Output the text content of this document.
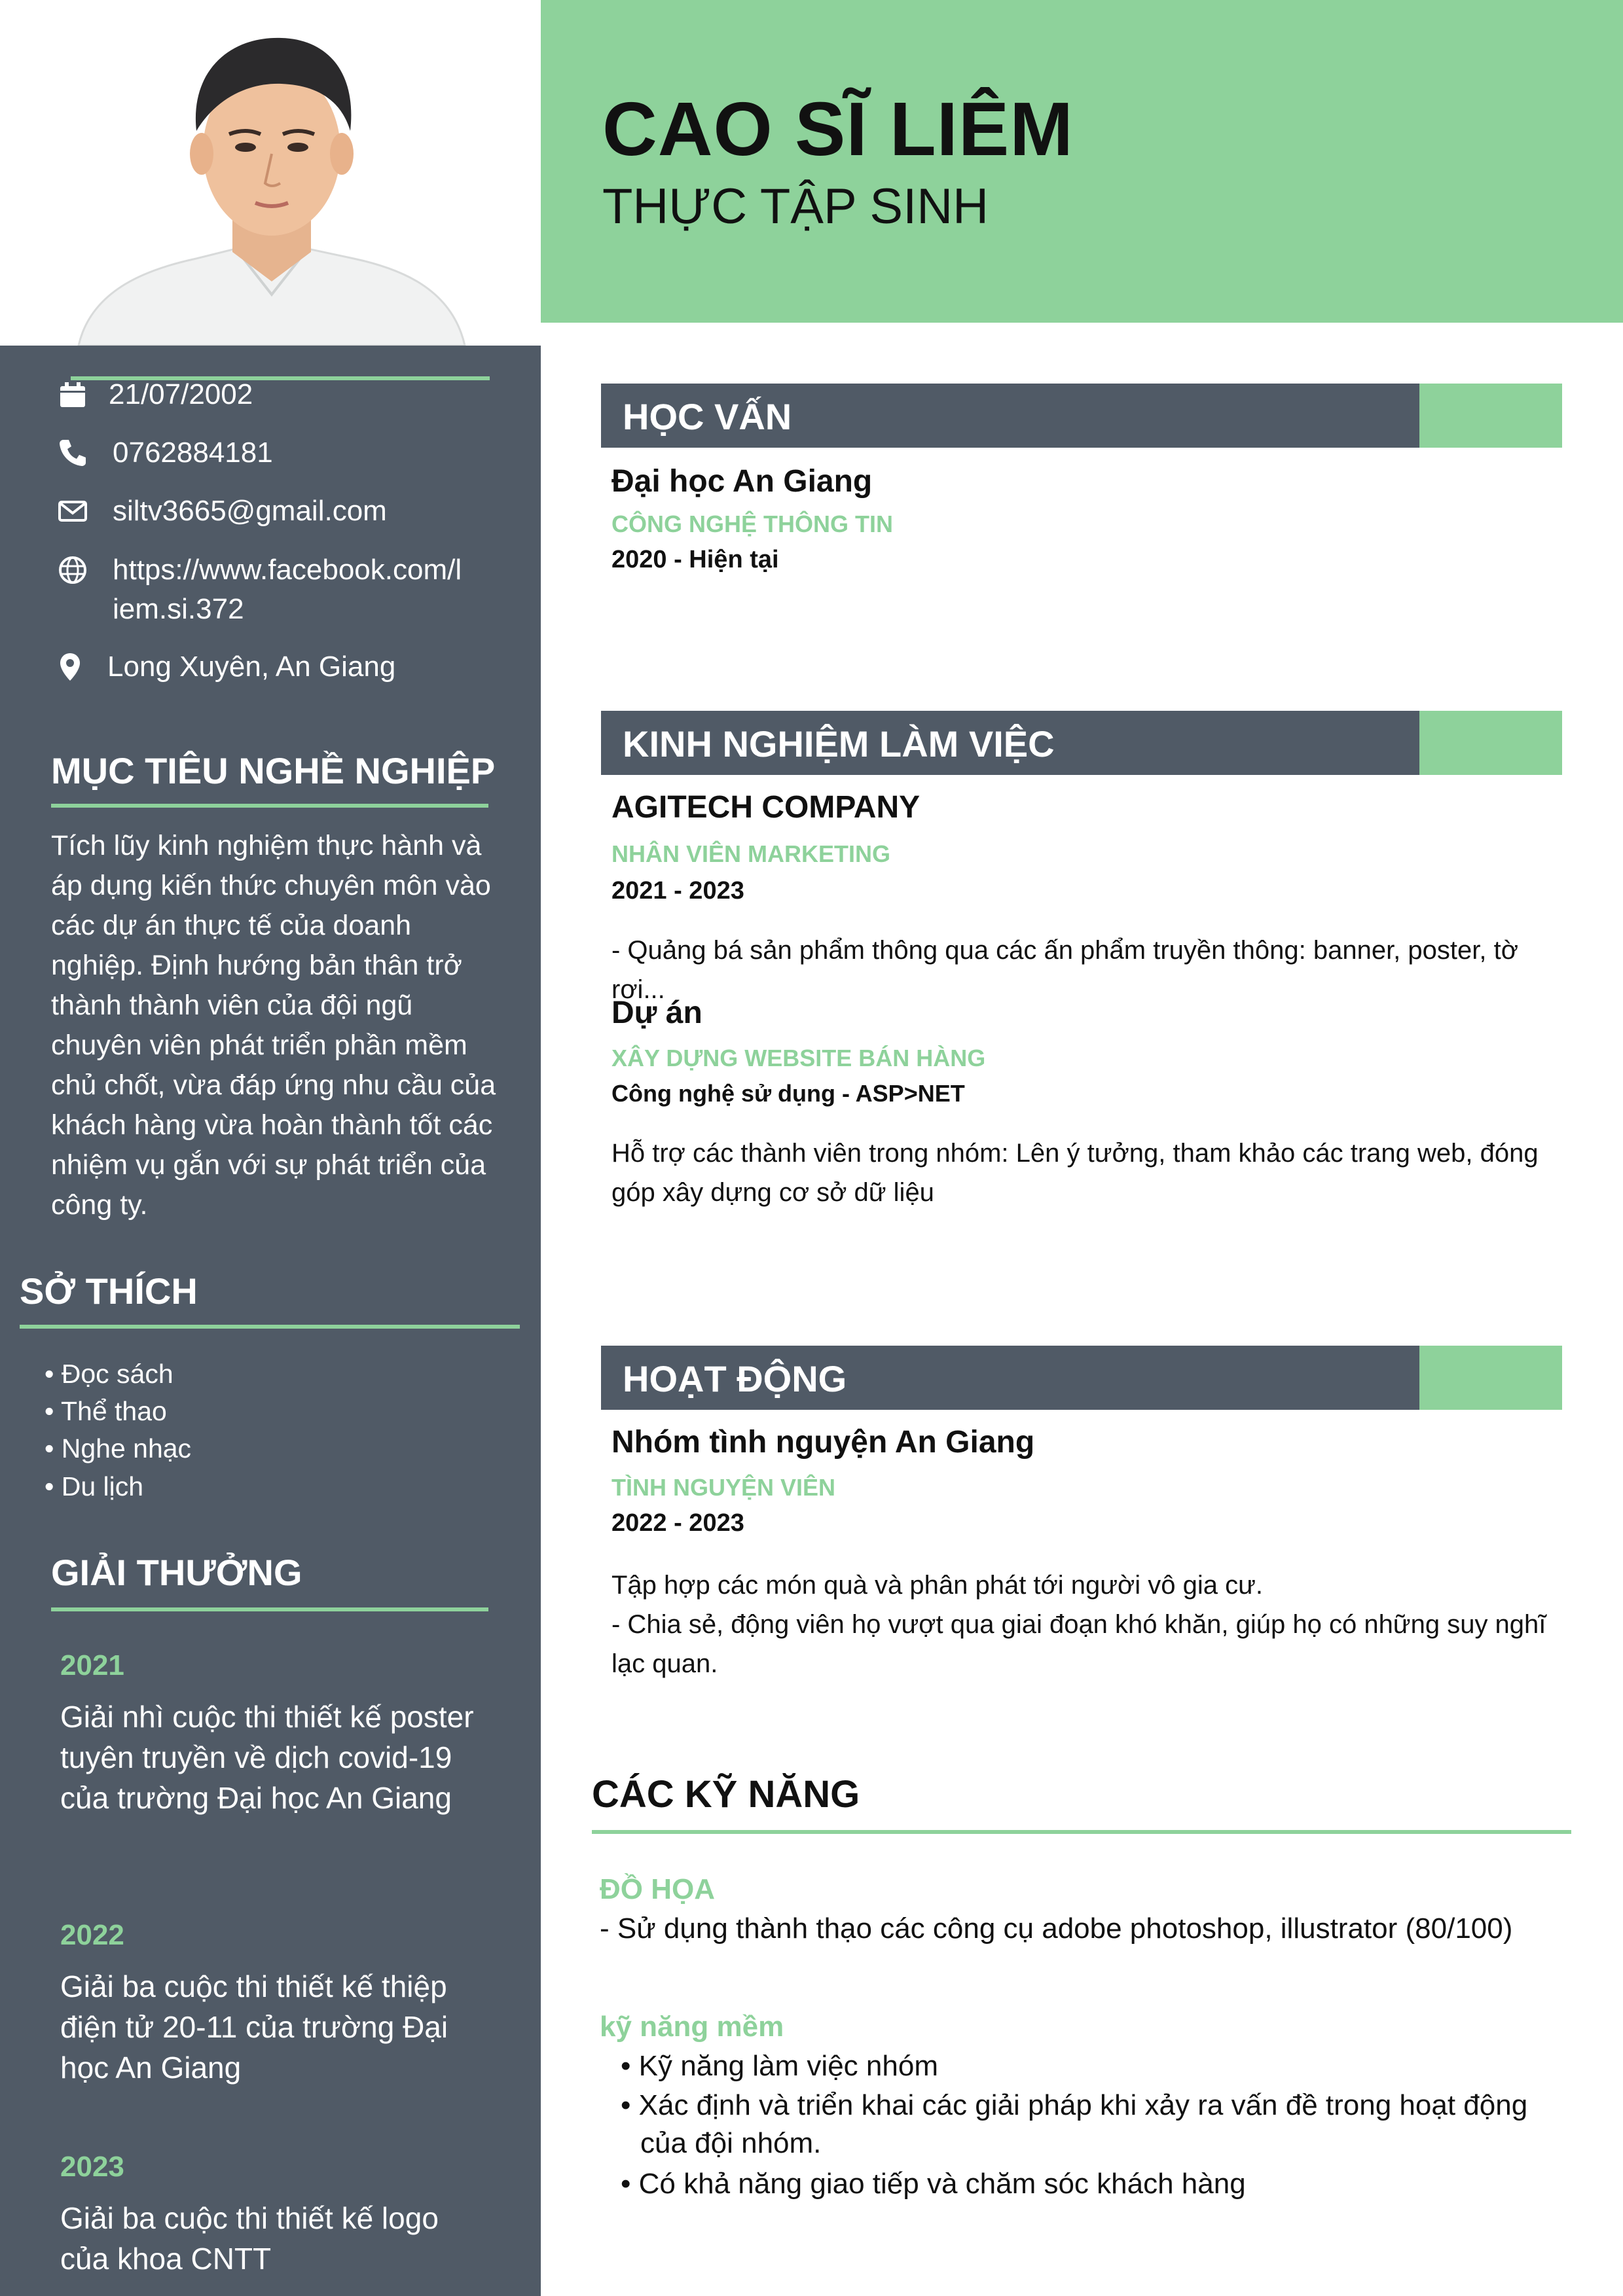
CAO SĨ LIÊM
THỰC TẬP SINH
21/07/2002
0762884181
siltv3665@gmail.com
https://www.facebook.com/l
iem.si.372
Long Xuyên, An Giang
MỤC TIÊU NGHỀ NGHIỆP
Tích lũy kinh nghiệm thực hành và áp dụng kiến thức chuyên môn vào các dự án thực tế của doanh nghiệp. Định hướng bản thân trở thành thành viên của đội ngũ chuyên viên phát triển phần mềm chủ chốt, vừa đáp ứng nhu cầu của khách hàng vừa hoàn thành tốt các nhiệm vụ gắn với sự phát triển của công ty.
SỞ THÍCH
• Đọc sách
• Thể thao
• Nghe nhạc
• Du lịch
GIẢI THƯỞNG
2021
Giải nhì cuộc thi thiết kế poster tuyên truyền về dịch covid-19 của trường Đại học An Giang
2022
Giải ba cuộc thi thiết kế thiệp điện tử 20-11 của trường Đại học An Giang
2023
Giải ba cuộc thi thiết kế logo của khoa CNTT
HỌC VẤN
Đại học An Giang
CÔNG NGHỆ THÔNG TIN
2020 - Hiện tại
KINH NGHIỆM LÀM VIỆC
AGITECH COMPANY
NHÂN VIÊN MARKETING
2021 - 2023
- Quảng bá sản phẩm thông qua các ấn phẩm truyền thông: banner, poster, tờ rơi...
Dự án
XÂY DỰNG WEBSITE BÁN HÀNG
Công nghệ sử dụng - ASP>NET
Hỗ trợ các thành viên trong nhóm: Lên ý tưởng, tham khảo các trang web, đóng góp xây dựng cơ sở dữ liệu
HOẠT ĐỘNG
Nhóm tình nguyện An Giang
TÌNH NGUYỆN VIÊN
2022 - 2023
Tập hợp các món quà và phân phát tới người vô gia cư.
- Chia sẻ, động viên họ vượt qua giai đoạn khó khăn, giúp họ có những suy nghĩ lạc quan.
CÁC KỸ NĂNG
ĐỒ HỌA
- Sử dụng thành thạo các công cụ adobe photoshop, illustrator (80/100)
kỹ năng mềm
• Kỹ năng làm việc nhóm
• Xác định và triển khai các giải pháp khi xảy ra vấn đề trong hoạt động của đội nhóm.
• Có khả năng giao tiếp và chăm sóc khách hàng
